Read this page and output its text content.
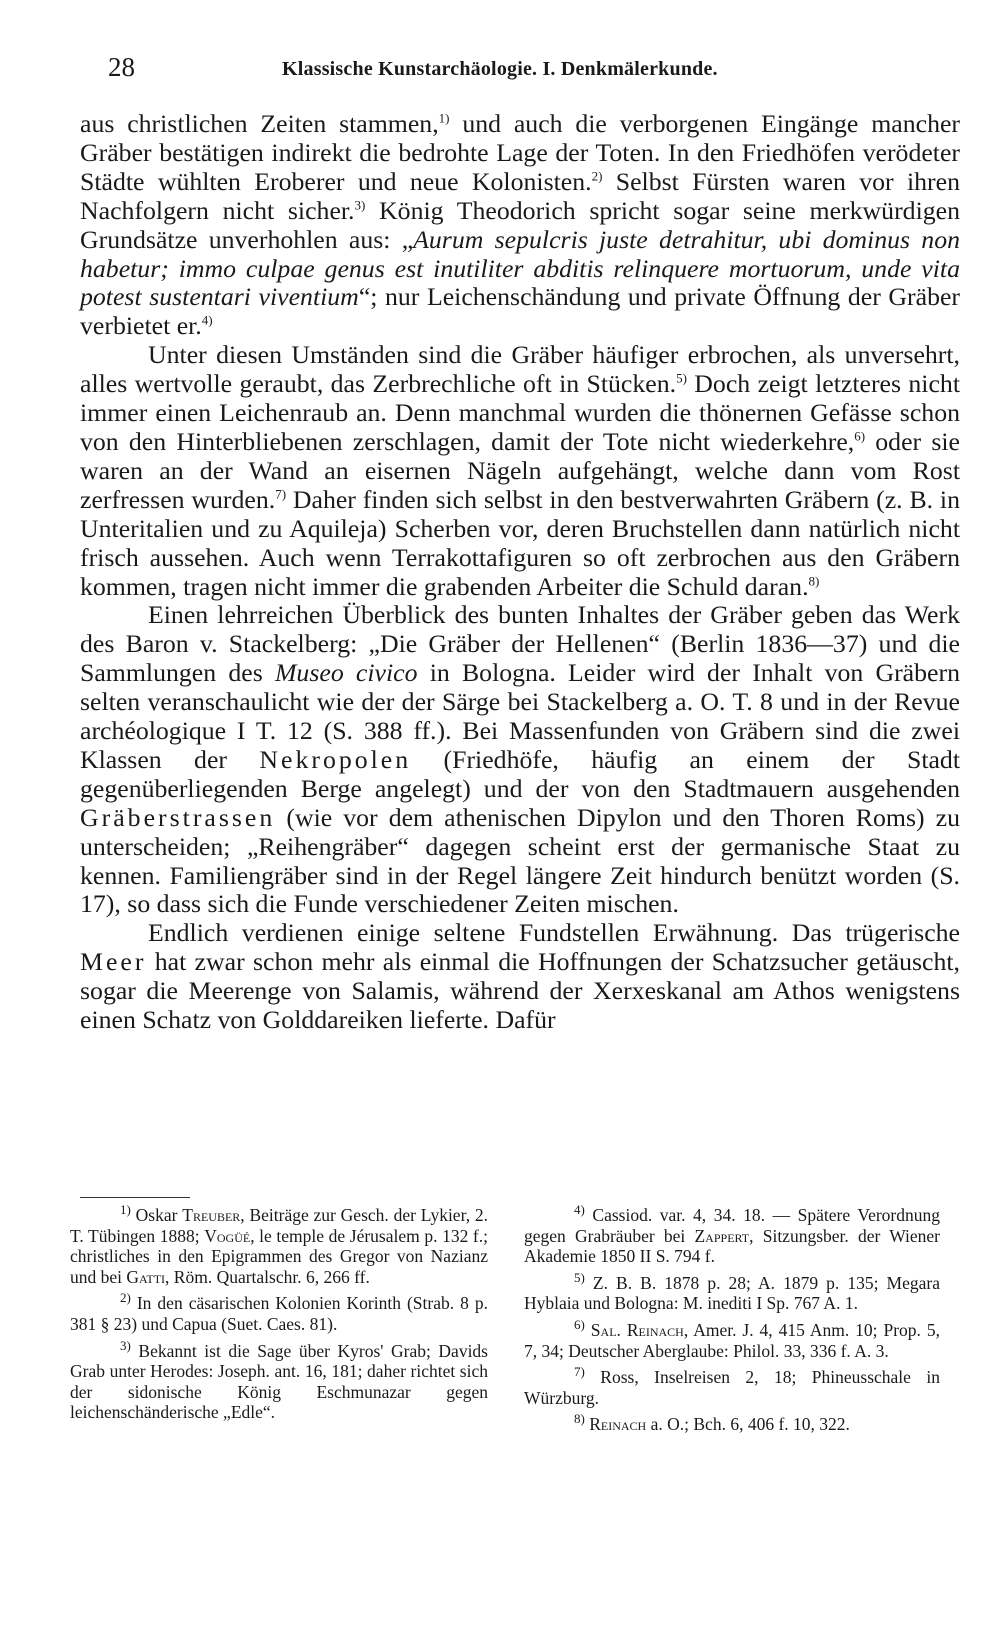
28	Klassische Kunstarchäologie. I. Denkmälerkunde.

aus christlichen Zeiten stammen,$^{1)}$ und auch die verborgenen Eingänge mancher Gräber bestätigen indirekt die bedrohte Lage der Toten. In den Friedhöfen verödeter Städte wühlten Eroberer und neue Kolonisten.$^{2)}$ Selbst Fürsten waren vor ihren Nachfolgern nicht sicher.$^{3)}$ König Theodorich spricht sogar seine merkwürdigen Grundsätze unverhohlen aus: „Aurum sepulcris juste detrahitur, ubi dominus non habetur; immo culpae genus est inutiliter abditis relinquere mortuorum, unde vita potest sustentari viventium“; nur Leichenschändung und private Öffnung der Gräber verbietet er.$^{4)}$

Unter diesen Umständen sind die Gräber häufiger erbrochen, als unversehrt, alles wertvolle geraubt, das Zerbrechliche oft in Stücken.$^{5)}$ Doch zeigt letzteres nicht immer einen Leichenraub an. Denn manchmal wurden die thönernen Gefässe schon von den Hinterbliebenen zerschlagen, damit der Tote nicht wiederkehre,$^{6)}$ oder sie waren an der Wand an eisernen Nägeln aufgehängt, welche dann vom Rost zerfressen wurden.$^{7)}$ Daher finden sich selbst in den bestverwahrten Gräbern (z. B. in Unteritalien und zu Aquileja) Scherben vor, deren Bruchstellen dann natürlich nicht frisch aussehen. Auch wenn Terrakottafiguren so oft zerbrochen aus den Gräbern kommen, tragen nicht immer die grabenden Arbeiter die Schuld daran.$^{8)}$

Einen lehrreichen Überblick des bunten Inhaltes der Gräber geben das Werk des Baron v. Stackelberg: „Die Gräber der Hellenen“ (Berlin 1836—37) und die Sammlungen des Museo civico in Bologna. Leider wird der Inhalt von Gräbern selten veranschaulicht wie der der Särge bei Stackelberg a. O. T. 8 und in der Revue archéologique I T. 12 (S. 388 ff.). Bei Massenfunden von Gräbern sind die zwei Klassen der Nekropolen (Friedhöfe, häufig an einem der Stadt gegenüberliegenden Berge angelegt) und der von den Stadtmauern ausgehenden Gräberstrassen (wie vor dem athenischen Dipylon und den Thoren Roms) zu unterscheiden; „Reihengräber“ dagegen scheint erst der germanische Staat zu kennen. Familiengräber sind in der Regel längere Zeit hindurch benützt worden (S. 17), so dass sich die Funde verschiedener Zeiten mischen.

Endlich verdienen einige seltene Fundstellen Erwähnung. Das trügerische Meer hat zwar schon mehr als einmal die Hoffnungen der Schatzsucher getäuscht, sogar die Meerenge von Salamis, während der Xerxeskanal am Athos wenigstens einen Schatz von Golddareiken lieferte. Dafür

$^{1)}$ Oskar Treuber, Beiträge zur Gesch. der Lykier, 2. T. Tübingen 1888; Vogüé, le temple de Jérusalem p. 132 f.; christliches in den Epigrammen des Gregor von Nazianz und bei Gatti, Röm. Quartalschr. 6, 266 ff.

$^{2)}$ In den cäsarischen Kolonien Korinth (Strab. 8 p. 381 § 23) und Capua (Suet. Caes. 81).

$^{3)}$ Bekannt ist die Sage über Kyros' Grab; Davids Grab unter Herodes: Joseph. ant. 16, 181; daher richtet sich der sidonische König Eschmunazar gegen leichenschänderische „Edle“.

$^{4)}$ Cassiod. var. 4, 34. 18. — Spätere Verordnung gegen Grabräuber bei Zappert, Sitzungsber. der Wiener Akademie 1850 II S. 794 f.

$^{5)}$ Z. B. B. 1878 p. 28; A. 1879 p. 135; Megara Hyblaia und Bologna: M. inediti I Sp. 767 A. 1.

$^{6)}$ Sal. Reinach, Amer. J. 4, 415 Anm. 10; Prop. 5, 7, 34; Deutscher Aberglaube: Philol. 33, 336 f. A. 3.

$^{7)}$ Ross, Inselreisen 2, 18; Phineusschale in Würzburg.

$^{8)}$ Reinach a. O.; Bch. 6, 406 f. 10, 322.
